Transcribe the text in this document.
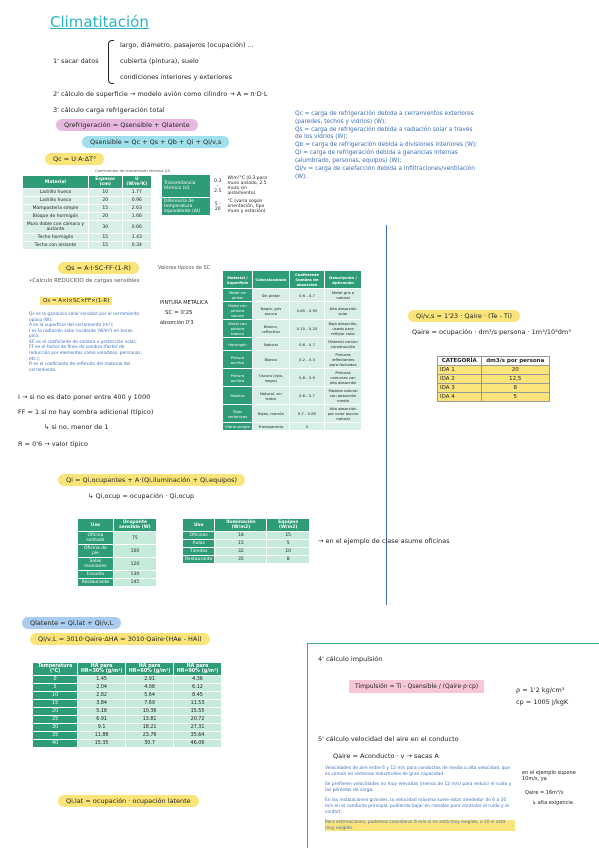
Climatitación
1' sacar datos
largo, diámetro, pasajeros (ocupación) ...
cubierta (pintura), suelo
condiciones interiores y exteriores
2' cálculo de superficie → modelo avión como cilindro → A = π·D·L
3' cálculo carga refrigeración total
Qrefrigeración = Qsensible + Qlatente
Qsensible = Qc + Qs + Qb + Qi + Qi/v,s
Qc = U·A·ΔT°
Qc = carga de refrigeración debida a cerramientos exteriores (paredes, techos y vidrios) (W);
Qs = carga de refrigeración debida a radiación solar a través de los vidrios (W);
Qb = carga de refrigeración debida a divisiones interiores (W);
Qi = carga de refrigeración debida a ganancias internas (alumbrado, personas, equipos) (W);
Qi/v = carga de calefacción debida a infiltraciones/ventilación (W).
Coeficientes de transmisión térmica (U)
Material	Espesor (cm)	U (W/m²K)
Ladrillo hueco	10	1.77
Ladrillo hueco	20	0.96
Mampostería simple	15	2.63
Bloque de hormigón	20	1.66
Muro doble con cámara y aislante	30	0.66
Techo hormigón	15	1.43
Techo con aislante	15	0.34
Transmitancia térmica (U)	0.3 - 2.5	W/m²°C (0.3 para muro aislado, 2.5 muro sin aislamiento)
Diferencia de temperatura equivalente (Δt)	5 - 20	°C (varía según orientación, tipo muro y estación)
Qs = A·I·SC·FF·(1-R)	Valores típicos de SC
•Cálculo REDUCIDO de cargas sensibles
Qs = A×I×SC×FF×(1-R)
Qs es la ganancia solar sensible por el cerramiento opaco (W);
A es la superficie del cerramiento (m²);
I es la radiación solar incidente (W/m²) en horas pico;
SC es el coeficiente de sombra o protección solar;
FF es el factor de fines de sombra (factor de reducción por elementos como voladizos, persianas, etc.);
R es el coeficiente de reflexión del material del cerramiento.
PINTURA METÁLICA
SC = 0'25
absorción 0'3
Material / Superficie	Color/Acabado	Coeficiente Sombra de absorción	Descripción / Aplicación
Metal sin pintar	Sin pintar	0.6 - 0.7	Metal gris o natural
Metal con pintura oscura	Negro, gris oscuro	0.85 - 0.95	Alta absorción solar
Metal con pintura blanca	Blanco, reflectivo	0.15 - 0.25	Baja absorción, usado para reflejar calor
Hormigón	Natural	0.6 - 0.7	Material común construcción
Pintura acrílica	Blanco	0.2 - 0.3	Pinturas reflectantes para fachadas
Pintura acrílica	Oscuro (rojo, negro)	0.8 - 0.9	Pinturas comunes con alta absorción
Madera	Natural, sin tratar	0.6 - 0.7	Madera natural con absorción media
Tejas cerámicas	Rojas, marrón	0.7 - 0.85	Alta absorción por color oscuro natural
Vidrio simple	Transparente	0	
I → si no es dato poner entre 400 y 1000
FF = 1 si no hay sombra adicional (típico)
↳ si no, menor de 1
R = 0'6 → valor típico
Qi/v,s = 1'23 · Qaire · (Te - Ti)
Qaire = ocupación · dm³/s·persona · 1m³/10³dm³
CATEGORÍA	dm3/s por persona
IDA 1	20
IDA 2	12,5
IDA 3	8
IDA 4	5
Qi = Qi,ocupantes + A·(Qi,iluminación + Qi,equipos)
↳ Qi,ocup = ocupación · Qi,ocup
Uso	Ocupante sensible (W)
Oficina sentado	75
Oficina de pie	100
Salas reuniones	120
Escuela	130
Restaurante	145
Uso	Iluminación (W/m2)	Equipos (W/m2)
Oficinas	18	15
Aulas	15	5
Tiendas	32	10
Restaurante	35	8
→ en el ejemplo de clase asume oficinas
Qlatente = Qi,lat + Qi/v,L
Qi/v,L = 3010·Qaire·ΔHA = 3010·Qaire·(HAe - HAi)
Temperatura (°C)	HA para HR=30% (g/m³)	HA para HR=60% (g/m³)	HA para HR=90% (g/m³)
0	1.45	2.91	4.36
5	2.04	4.08	6.12
10	2.82	5.64	8.45
15	3.84	7.69	11.53
20	5.18	10.36	15.55
25	6.91	13.81	20.72
30	9.1	18.21	27.31
35	11.88	23.76	35.64
40	15.35	30.7	46.06
Qi,lat = ocupación · ocupación latente
4' cálculo impulsión
Timpulsión = Ti - Qsensible / (Qaire·ρ·cp)	ρ = 1'2 kg/cm³
cp = 1005 J/kgK
5' cálculo velocidad del aire en el conducto
Qaire = Aconducto · v → sacas A
Velocidades de aire entre 6 y 12 m/s para conductos de media o alta velocidad, que es común en sistemas industriales de gran capacidad.
Se prefieren velocidades no muy elevadas (menos de 12 m/s) para reducir el ruido y las pérdidas de carga.
En las instalaciones grandes, la velocidad máxima suele estar alrededor de 6 a 10 m/s en el conducto principal, pudiendo bajar en ramales para controlar el ruido y el confort.
Para estimaciones, podemos considerar 6 m/s si no está muy exigido, o 10 si está muy exigido.
en el ejemplo supone 10m/s, ya
Qaire = 16m³/s
↳ alta exigencia
